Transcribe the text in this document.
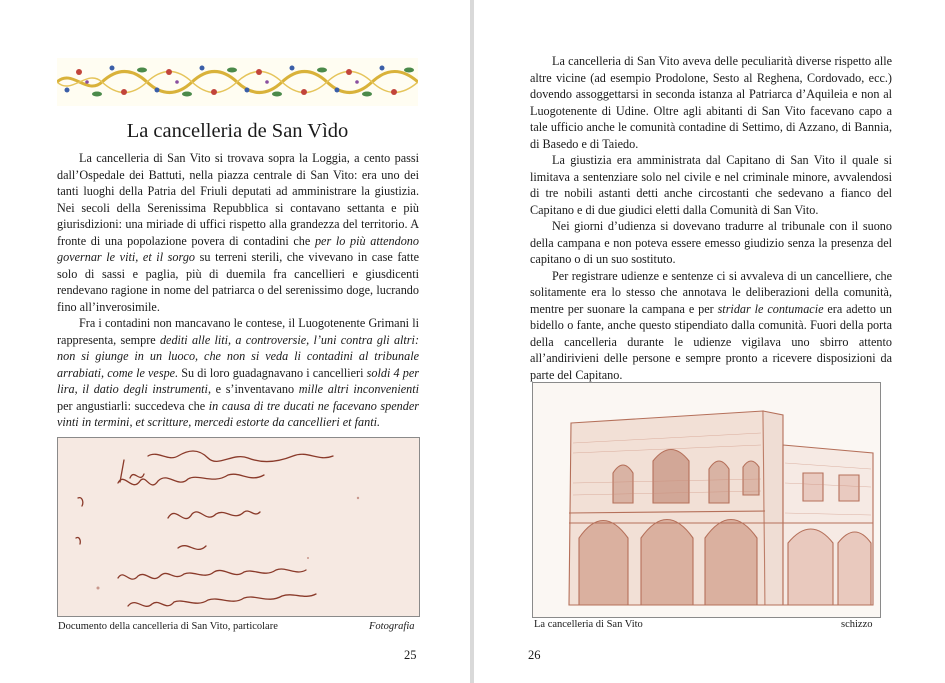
La cancelleria de San Vìdo

La cancelleria di San Vito si trovava sopra la Loggia, a cento passi dall’Ospedale dei Battuti, nella piazza centrale di San Vito: era uno dei tanti luoghi della Patria del Friuli deputati ad amministrare la giustizia. Nei secoli della Serenissima Repubblica si contavano settanta e più giurisdizioni: una miriade di uffici rispetto alla grandezza del territorio. A fronte di una popolazione povera di contadini che per lo più attendono governar le viti, et il sorgo su terreni sterili, che vivevano in case fatte solo di sassi e paglia, più di duemila fra cancellieri e giusdicenti rendevano ragione in nome del patriarca o del serenissimo doge, lucrando fino all’inverosimile.

Fra i contadini non mancavano le contese, il Luogotenente Grimani li rappresenta, sempre dediti alle liti, a controversie, l’uni contra gli altri: non si giunge in un luoco, che non si veda li contadini al tribunale arrabiati, come le vespe. Su di loro guadagnavano i cancellieri soldi 4 per lira, il datio degli instrumenti, e s’inventavano mille altri inconvenienti per angustiarli: succedeva che in causa di tre ducati ne facevano spender vinti in termini, et scritture, mercedi estorte da cancellieri et fanti.

Documento della cancelleria di San Vito, particolare	Fotografia
25	26

La cancelleria di San Vito aveva delle peculiarità diverse rispetto alle altre vicine (ad esempio Prodolone, Sesto al Reghena, Cordovado, ecc.) dovendo assoggettarsi in seconda istanza al Patriarca d’Aquileia e non al Luogotenente di Udine. Oltre agli abitanti di San Vito facevano capo a tale ufficio anche le comunità contadine di Settimo, di Azzano, di Bannia, di Basedo e di Taiedo.

La giustizia era amministrata dal Capitano di San Vito il quale si limitava a sentenziare solo nel civile e nel criminale minore, avvalendosi di tre nobili astanti detti anche circostanti che sedevano a fianco del Capitano e di due giudici eletti dalla Comunità di San Vito.

Nei giorni d’udienza si dovevano tradurre al tribunale con il suono della campana e non poteva essere emesso giudizio senza la presenza del capitano o di un suo sostituto.

Per registrare udienze e sentenze ci si avvaleva di un cancelliere, che solitamente era lo stesso che annotava le deliberazioni della comunità, mentre per suonare la campana e per stridar le contumacie era adetto un bidello o fante, anche questo stipendiato dalla comunità. Fuori della porta della cancelleria durante le udienze vigilava uno sbirro attento all’andirivieni delle persone e sempre pronto a ricevere disposizioni da parte del Capitano.

La cancelleria di San Vito	schizzo
